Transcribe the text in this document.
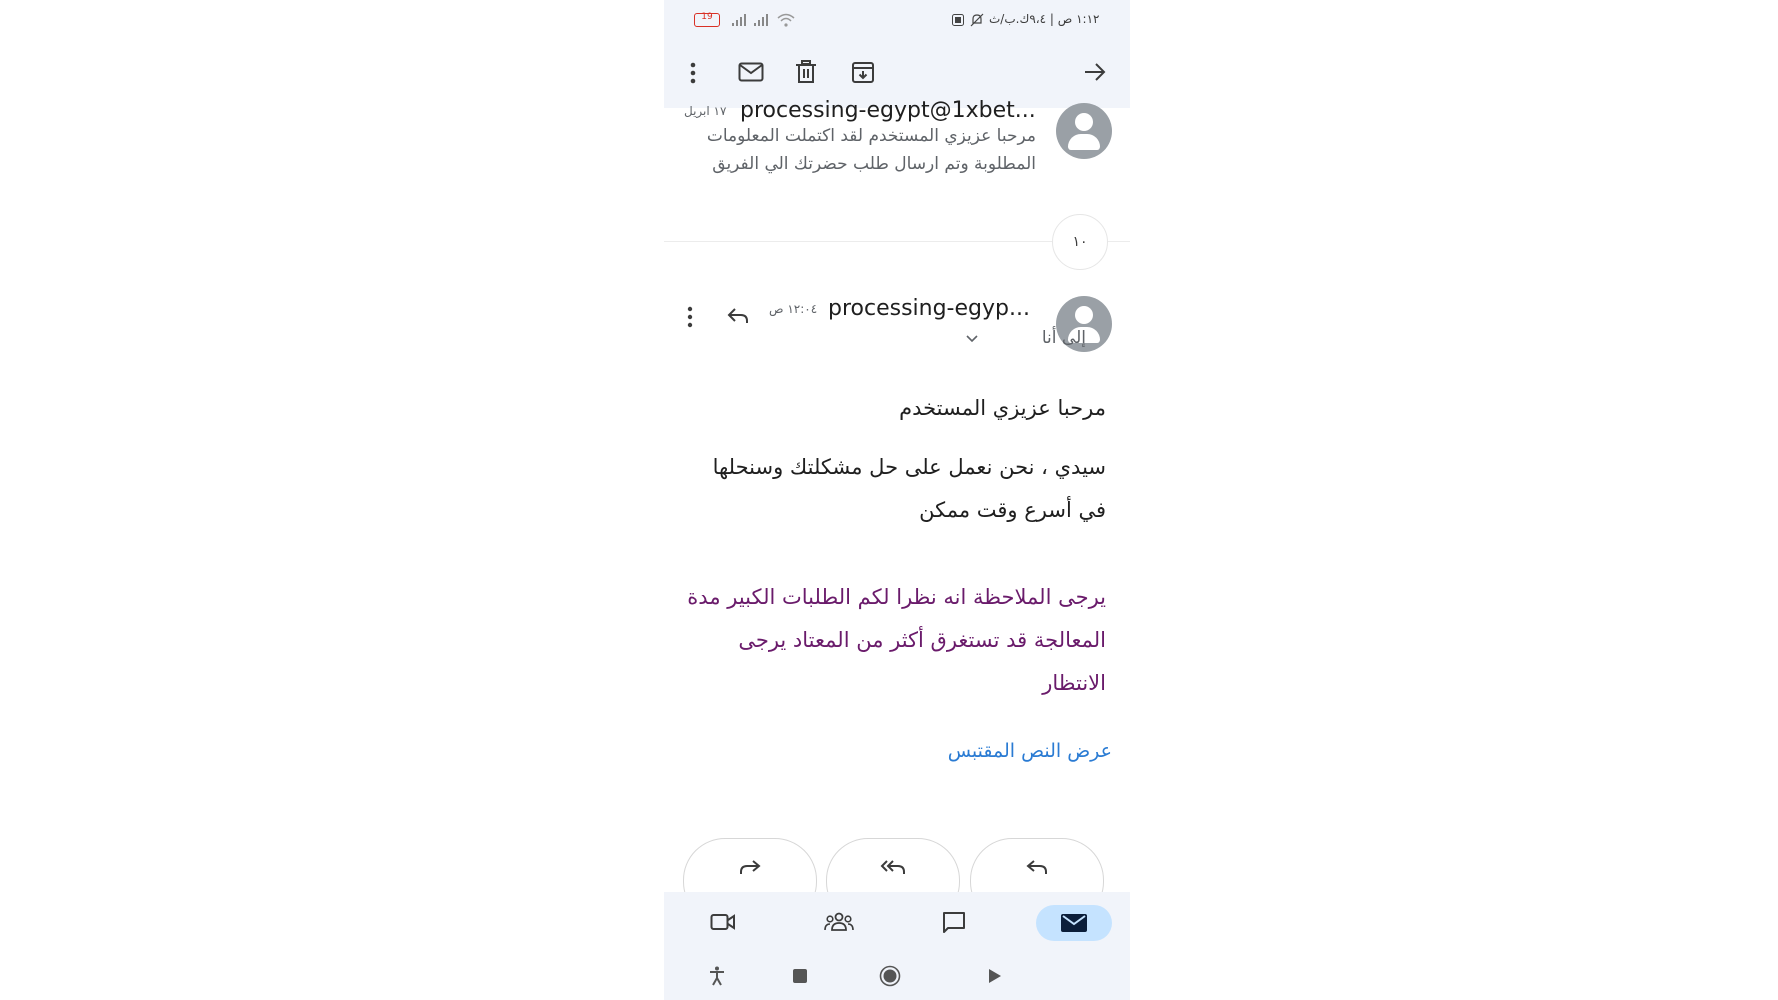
19	١:١٢ ص | ٩،٤ك.ب/ث
processing-egypt@1xbet...
١٧ ابريل
مرحبا عزيزي المستخدم لقد اكتملت المعلومات المطلوبة وتم ارسال طلب حضرتك الي الفريق
١٠
processing-egyp...
١٢:٠٤ ص
إلى أنا
مرحبا عزيزي المستخدم
سيدي ، نحن نعمل على حل مشكلتك وسنحلها في أسرع وقت ممكن
يرجى الملاحظة انه نظرا لكم الطلبات الكبير مدة المعالجة قد تستغرق أكثر من المعتاد يرجى الانتظار
عرض النص المقتبس
